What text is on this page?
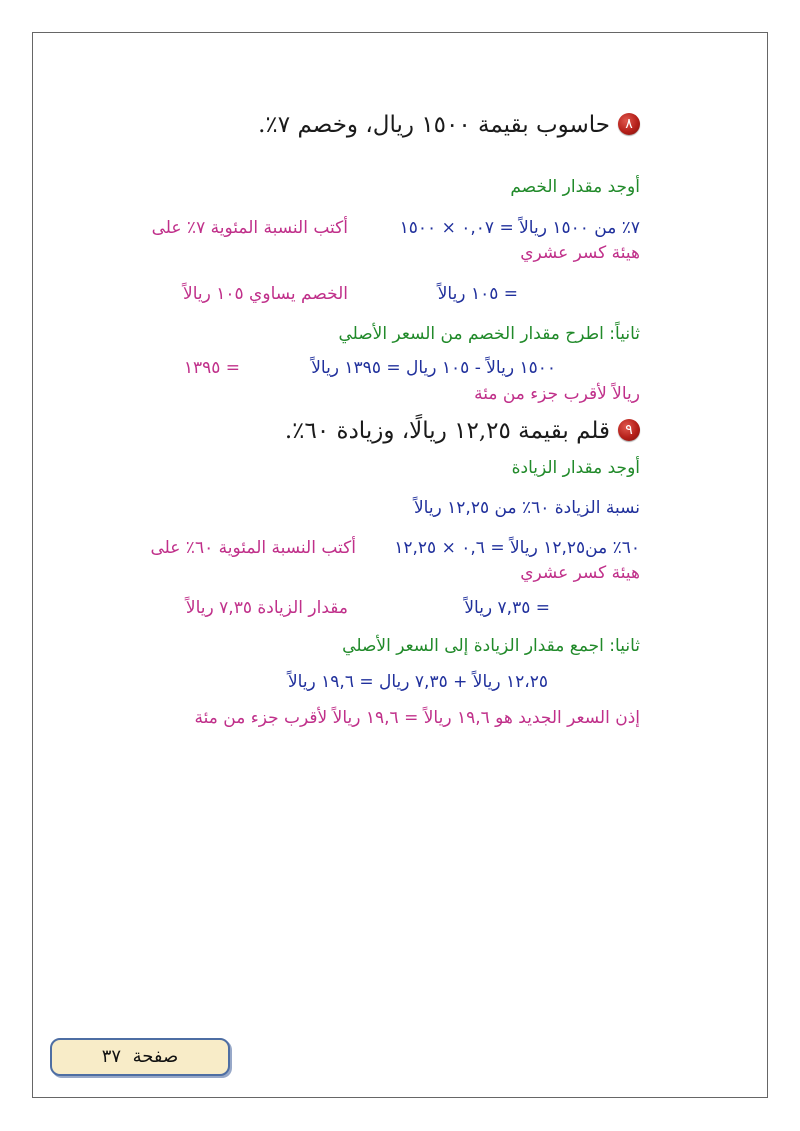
٨حاسوب بقيمة ١٥٠٠ ريال، وخصم ٧٪.
أوجد مقدار الخصم
٧٪ من ١٥٠٠ ريالاً = ٠,٠٧ × ١٥٠٠
أكتب النسبة المئوية ٧٪ على
هيئة كسر عشري
= ١٠٥ ريالاً
الخصم يساوي ١٠٥ ريالاً
ثانياً: اطرح مقدار الخصم من السعر الأصلي
١٥٠٠ ريالاً - ١٠٥ ريال = ١٣٩٥ ريالاً
= ١٣٩٥
ريالاً لأقرب جزء من مئة
٩قلم بقيمة ١٢,٢٥ ريالًا، وزيادة ٦٠٪.
أوجد مقدار الزيادة
نسبة الزيادة ٦٠٪ من ١٢,٢٥ ريالاً
٦٠٪ من١٢,٢٥ ريالاً = ٠,٦ × ١٢,٢٥
أكتب النسبة المئوية ٦٠٪ على
هيئة كسر عشري
= ٧,٣٥ ريالاً
مقدار الزيادة ٧,٣٥ ريالاً
ثانيا: اجمع مقدار الزيادة إلى السعر الأصلي
١٢،٢٥ ريالاً + ٧,٣٥ ريال = ١٩,٦ ريالاً
إذن السعر الجديد هو ١٩,٦ ريالاً = ١٩,٦ ريالاً لأقرب جزء من مئة
صفحة  ٣٧
